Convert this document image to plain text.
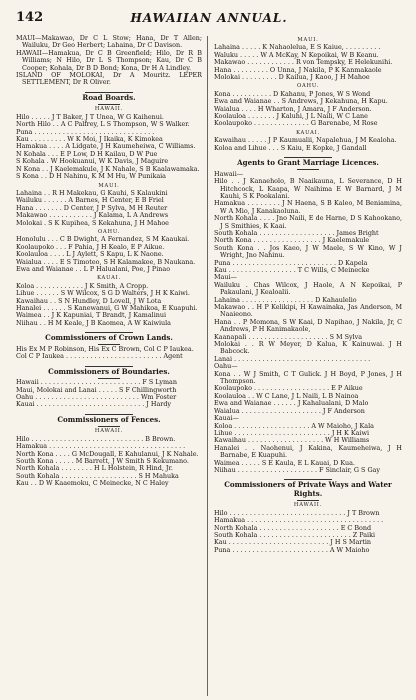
142	HAWAIIAN ANNUAL.

MAUI—Makawao, Dr C L Stow; Hana, Dr T Allen; Wailuku, Dr Geo Herbert; Lahaina, Dr C Davison.

HAWAII—Hamakua, Dr C B Greenfield; Hilo, Dr R B Williams; N Hilo, Dr L S Thompson; Kau, Dr C B Cooper; Kohala, Dr B D Bond; Kona, Dr H A Lindley.

ISLAND OF MOLOKAI, Dr A Mouritz. LEPER SETTLEMENT, Dr R Oliver.

Road Boards.
HAWAII.

Hilo . . . . . J T Baker, J T Unea, W G Kaihenui.

North Hilo . . A C Palfrey, L S Thompson, W S Walker.

Puna . . . . . . . . . . . . . . . . . . . . . . . . . . . . . .

Kau . . . . . . . . . W K Moi, J Ikaika, K Kimokea

Hamakua . . . . A Lidgate, J H Kaumeheiwa, C Williams.

N Kohala . . . E P Low, D H Kailau, D W Pue

S Kohala . W Hookuanui, W K Davis, J Maguire

N Kona . . J Kaelemakule, J K Nahale, S B Kaalawamaka.

S Kona . . D H Nahinu, K M M Hu, W Punikaia

MAUI.

Lahaina . . R H Makekau, G Kauhi, S Kalaukini

Wailuku . . . . . . A Barnes, H Center, E B Friel

Hana . . . . . . . D Center, J P Sylva, M H Reuter

Makawao . . . . . . . . . . . J Kalama, L A Andrews

Molokai . S K Kupihea, S Kekahuna, J H Mahoe

OAHU.

Honolulu . . . C B Dwight, A Fernandez, S M Kaaukai.

Koolaupoko . . . F Pahia, J H Kealo, E P Aikue.

Koolauloa . . . . L J Aylett, S Kapu, L K Naone.

Waialua . . . . E S Timoteo, S H Kalamakee, B Naukana.

Ewa and Waianae . . L P Halualani, Poe, J Pinao

KAUAI.

Koloa . . . . . . . . . . . . J K Smith, A Cropp.

Lihue . . . . . . S W Wilcox, S G D Walters, J H K Kaiwi.

Kawaihau . . S N Hundley, D Lovell, J W Lota

Hanalei . . . . . . S Kanewanui, G W Mahikoa, E Kuapuhi.

Waimea . . J K Kapuniai, T Brandt, J Kamalinui

Niihau . . H M Keale, J B Kaomea, A W Kaiwiula

Commissioners of Crown Lands.

His Ex M P Robinson, His Ex C Brown, Col C P Iaukea.

Col C P Iaukea . . . . . . . . . . . . . . . . . . . . . . . . Agent

Commissioners of Boundaries.

Hawaii . . . . . . . . . . . . . . . . . . . . . . . . . F S Lyman

Maui, Molokai and Lanai . . . . . S F Chillingworth

Oahu . . . . . . . . . . . . . . . . . . . . . . . . . . Wm Foster

Kauai . . . . . . . . . . . . . . . . . . . . . . . . . . . J Hardy

Commissioners of Fences.
HAWAII.

Hilo . . . . . . . . . . . . . . . . . . . . . . . . . . . . B Brown.

Hamakua . . . . . . . . . . . . . . . . . . . . . . . . . . . . . . . . . .

North Kona . . . . G McDougall, E Kahulanui, J K Nahale.

South Kona . . . . . M Barrett, J W Smith S Kekumano.

North Kohala . . . . . . . . H L Holstein, R Hind, Jr.

South Kohala . . . . . . . . . . . . . . . . . . . S H Mahuka

Kau . . D W Kaaemoku, C Meinecke, N C Haley

MAUI.

Lahaina . . . . . K Nahaolelua, E S Kaiue, . . . . . . . . .

Waluku . . . . . W A McKay, N Kepoikai, W B Keanu.

Makawao . . . . . . . . . . . . R von Tempsky, E Helekunihi.

Hana . . . . . . . . . O Unna, J Nakila, P K Kanmakaole

Molokai . . . . . . . . . D Kailua, J Kaoo, J H Mahoe

OAHU.

Kona . . . . . . . . . . D Kahanu, P Jones, W S Wond

Ewa and Waianae . . S Andrews, J Kekahuna, H Kapu.

Waialua . . . . H Wharton, J Amara, J F Anderson.

Koolauloa . . . . . . . J Kaluhi, J L Naili, W C Lane

Koolaupoko . . . . . . . . . . . . . . G Barenabe, M Rose

KAUAI.

Kawaihau . . . . . J P Kaumualii, Napalehua, J M Kealoha.

Koloa and Lihue . . . S Kaiu, E Kopke, J Gandall

Agents to Grant Marriage Licences.

Hawaii—

Hilo . . J Kanaeholo, B Naaikauna, L Severance, D H Hitchcock, L Kaapa, W Naihima E W Barnard, J M Kauhi, S K Pookalani.

Hamakua . . . . . . . . J N Haena, S B Kaleo, M Beniamina, W A Mio, J Kanakaoluna.

North Kohala . . . . Jno Naili, E de Harne, D S Kahookano, J S Smithies, K Kaai.

South Kohala . . . . . . . . . . . . . . . . . . . James Bright

North Kona . . . . . . . . . . . . . . . . . J Kaelemakule

South Kona . . Jos Kaeo, J W Maele, S W Kino, W J Wright, Jno Nahinu.

Puna . . . . . . . . . . . . . . . . . . . . . . . . . . D Kapela

Kau . . . . . . . . . . . . . . . . . T C Wills, C Meinecke

Maui—

Wailuku . Chas Wilcox, J Haole, A N Kepoikai, P Pakaulani, J Kealoalii.

Lahaina . . . . . . . . . . . . . . . . . . D Kahaulelio

Makawao . . H P Kelikipi, H Kawainaka, Jas Anderson, M Naaieono.

Hana . . P Momona, S W Kaai, D Napihao, J Nakila, Jr, C Andrews, P H Kanimakaole,

Kaanapali . . . . . . . . . . . . . . . . . . . . S M Sylva

Molokai . . R W Meyer, D Kalua, K Kainuwai. J H Babcock.

Lanai . . . . . . . . . . . . . . . . . . . . . . . . . . . . . . . . . .

Oahu—

Kona . . W J Smith, C T Gulick. J H Boyd, P Jones, J H Thompson.

Koolaupoko . . . . . . . . . . . . . . . . . . . E P Aikue

Koolauloa . . W C Lane, J L Naili, L B Nainoa

Ewa and Waianae . . . . . . J Kahalualani, D Malo

Waialua . . . . . . . . . . . . . . . . . . . . J F Anderson

Kauai—

Koloa . . . . . . . . . . . . . . . . . . . A W Maioho, J Kala

Lihue . . . . . . . . . . . . . . . . . . . . . . . . J H K Kaiwi

Kawaihau . . . . . . . . . . . . . . . . . . . W H Williams

Hanalei . . Naohenui, J Kakina, Kaumeheiwa, J H Barnabe, E Kuapuhi.

Waimea . . . . . S E Kaula, E L Kauai, D Kua.

Niihau . . . . . . . . . . . . . . . . . . . . F Sinclair, G S Gay

Commissioners of Private Ways and Water Rights.
HAWAII.

Hilo . . . . . . . . . . . . . . . . . . . . . . . . . . . . . J T Brown

Hamakua . . . . . . . . . . . . . . . . . . . . . . . . . . . . . . . . . .

North Kohala . . . . . . . . . . . . . . . . . . . . E C Bond

South Kohala . . . . . . . . . . . . . . . . . . . . . . . Z Paiki

Kau . . . . . . . . . . . . . . . . . . . . . . . . . J H S Martin

Puna . . . . . . . . . . . . . . . . . . . . . . . . A W Maioho
